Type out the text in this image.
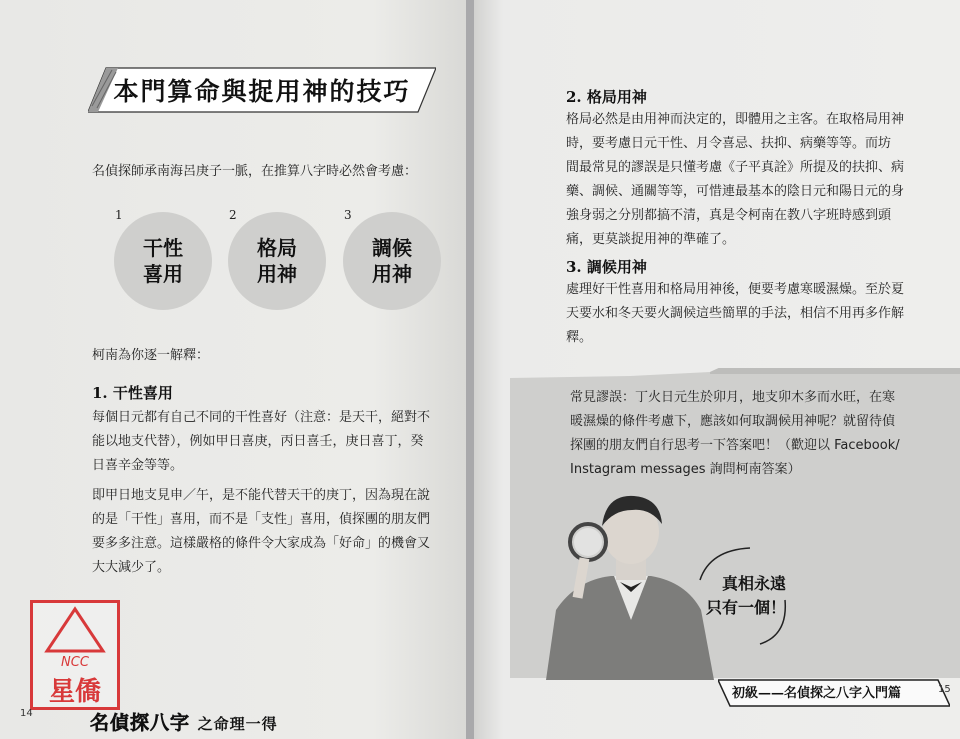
本門算命與捉用神的技巧
名偵探師承南海呂庚子一脈，在推算八字時必然會考慮：
1
干性
喜用
2
格局
用神
3
調候
用神
柯南為你逐一解釋：
1. 干性喜用
每個日元都有自己不同的干性喜好（注意：是天干，絕對不
能以地支代替），例如甲日喜庚，丙日喜壬，庚日喜丁，癸
日喜辛金等等。
即甲日地支見申／午，是不能代替天干的庚丁，因為現在說
的是「干性」喜用，而不是「支性」喜用，偵探團的朋友們
要多多注意。這樣嚴格的條件令大家成為「好命」的機會又
大大減少了。
NCC
星僑
14	名偵探八字 之命理一得
2. 格局用神
格局必然是由用神而決定的，即體用之主客。在取格局用神
時，要考慮日元干性、月令喜忌、扶抑、病藥等等。而坊
間最常見的謬誤是只懂考慮《子平真詮》所提及的扶抑、病
藥、調候、通關等等，可惜連最基本的陰日元和陽日元的身
強身弱之分別都搞不清，真是令柯南在教八字班時感到頭
痛，更莫談捉用神的準確了。
3. 調候用神
處理好干性喜用和格局用神後，便要考慮寒暖濕燥。至於夏
天要水和冬天要火調候這些簡單的手法，相信不用再多作解
釋。
常見謬誤：丁火日元生於卯月，地支卯木多而水旺，在寒
暖濕燥的條件考慮下，應該如何取調候用神呢？就留待偵
探團的朋友們自行思考一下答案吧！（歡迎以 Facebook/
Instagram messages 詢問柯南答案）
真相永遠
只有一個！
初級——名偵探之八字入門篇	15
